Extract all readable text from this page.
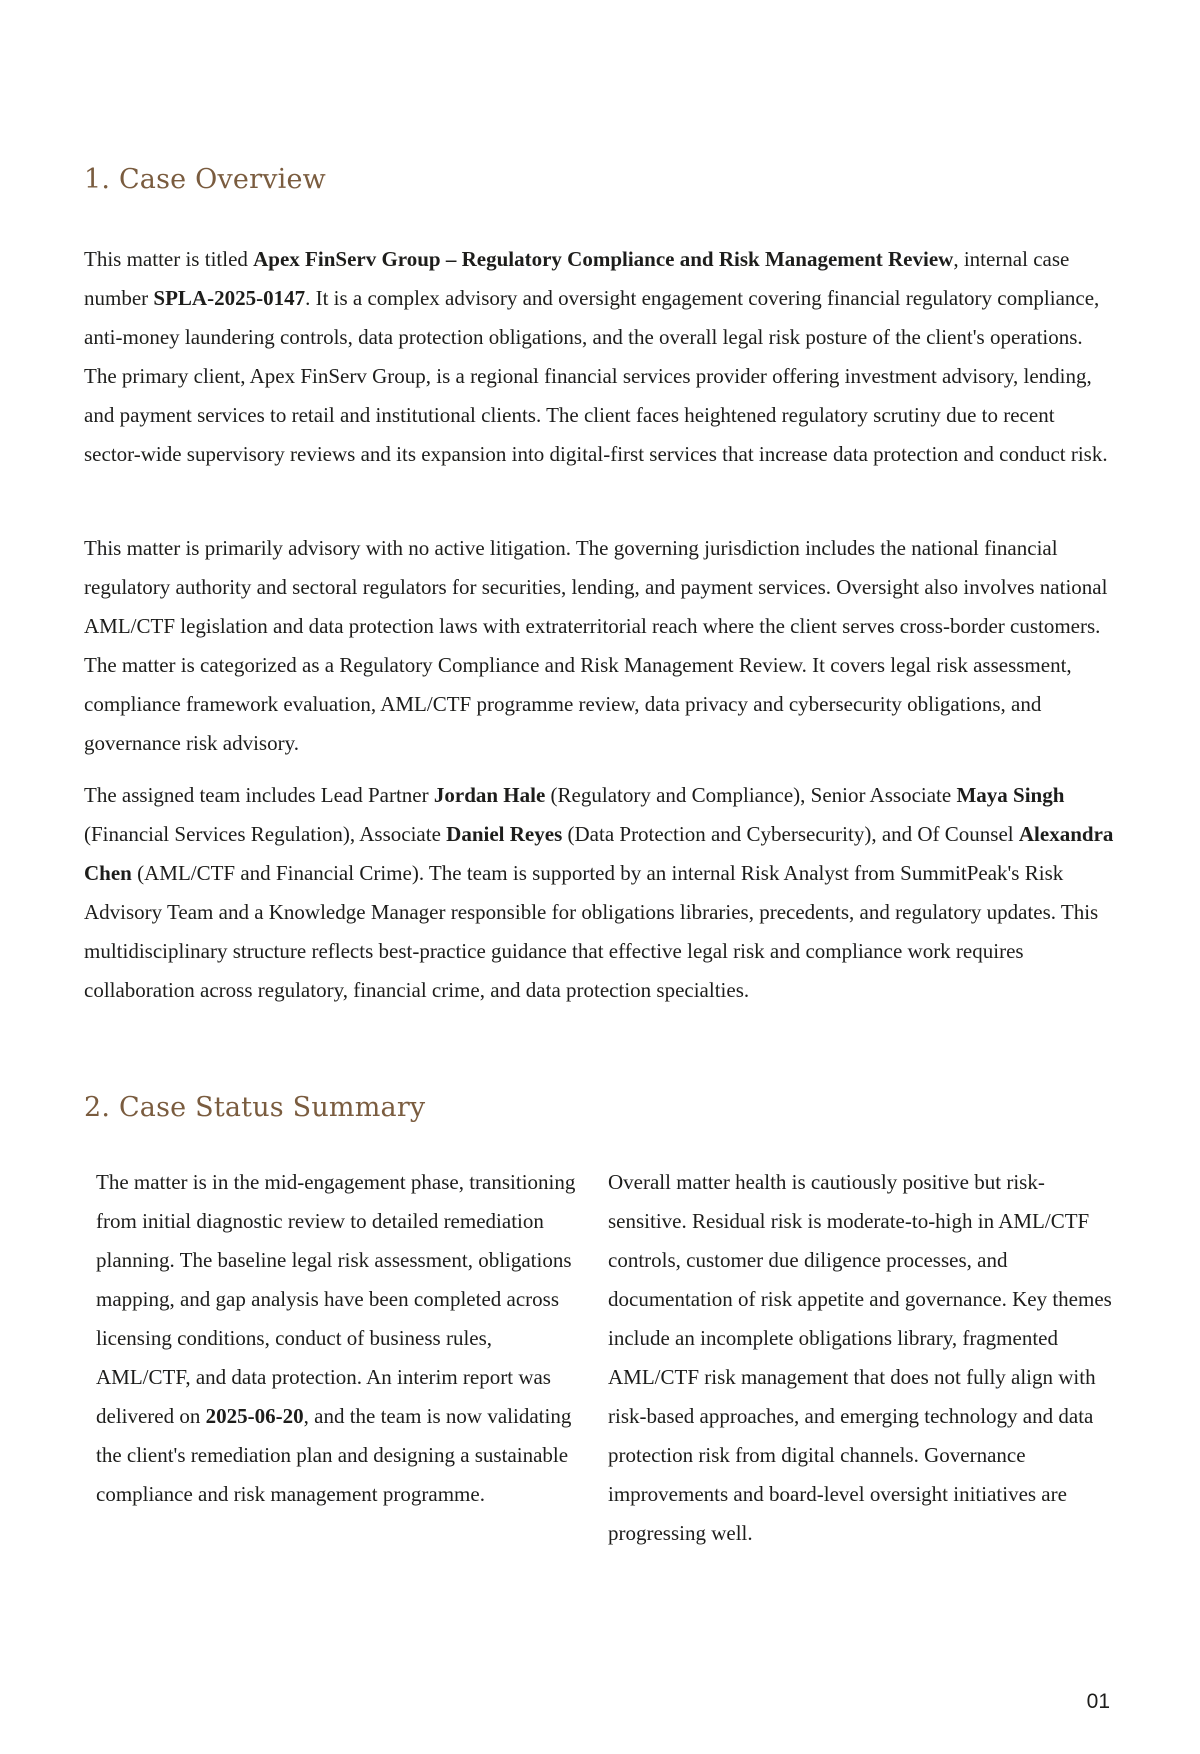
1. Case Overview

This matter is titled Apex FinServ Group – Regulatory Compliance and Risk Management Review, internal case number SPLA-2025-0147. It is a complex advisory and oversight engagement covering financial regulatory compliance, anti-money laundering controls, data protection obligations, and the overall legal risk posture of the client's operations. The primary client, Apex FinServ Group, is a regional financial services provider offering investment advisory, lending, and payment services to retail and institutional clients. The client faces heightened regulatory scrutiny due to recent sector-wide supervisory reviews and its expansion into digital-first services that increase data protection and conduct risk.

This matter is primarily advisory with no active litigation. The governing jurisdiction includes the national financial regulatory authority and sectoral regulators for securities, lending, and payment services. Oversight also involves national AML/CTF legislation and data protection laws with extraterritorial reach where the client serves cross-border customers. The matter is categorized as a Regulatory Compliance and Risk Management Review. It covers legal risk assessment, compliance framework evaluation, AML/CTF programme review, data privacy and cybersecurity obligations, and governance risk advisory.

The assigned team includes Lead Partner Jordan Hale (Regulatory and Compliance), Senior Associate Maya Singh (Financial Services Regulation), Associate Daniel Reyes (Data Protection and Cybersecurity), and Of Counsel Alexandra Chen (AML/CTF and Financial Crime). The team is supported by an internal Risk Analyst from SummitPeak's Risk Advisory Team and a Knowledge Manager responsible for obligations libraries, precedents, and regulatory updates. This multidisciplinary structure reflects best-practice guidance that effective legal risk and compliance work requires collaboration across regulatory, financial crime, and data protection specialties.

2. Case Status Summary

The matter is in the mid-engagement phase, transitioning from initial diagnostic review to detailed remediation planning. The baseline legal risk assessment, obligations mapping, and gap analysis have been completed across licensing conditions, conduct of business rules, AML/CTF, and data protection. An interim report was delivered on 2025-06-20, and the team is now validating the client's remediation plan and designing a sustainable compliance and risk management programme.

Overall matter health is cautiously positive but risk-sensitive. Residual risk is moderate-to-high in AML/CTF controls, customer due diligence processes, and documentation of risk appetite and governance. Key themes include an incomplete obligations library, fragmented AML/CTF risk management that does not fully align with risk-based approaches, and emerging technology and data protection risk from digital channels. Governance improvements and board-level oversight initiatives are progressing well.

01
